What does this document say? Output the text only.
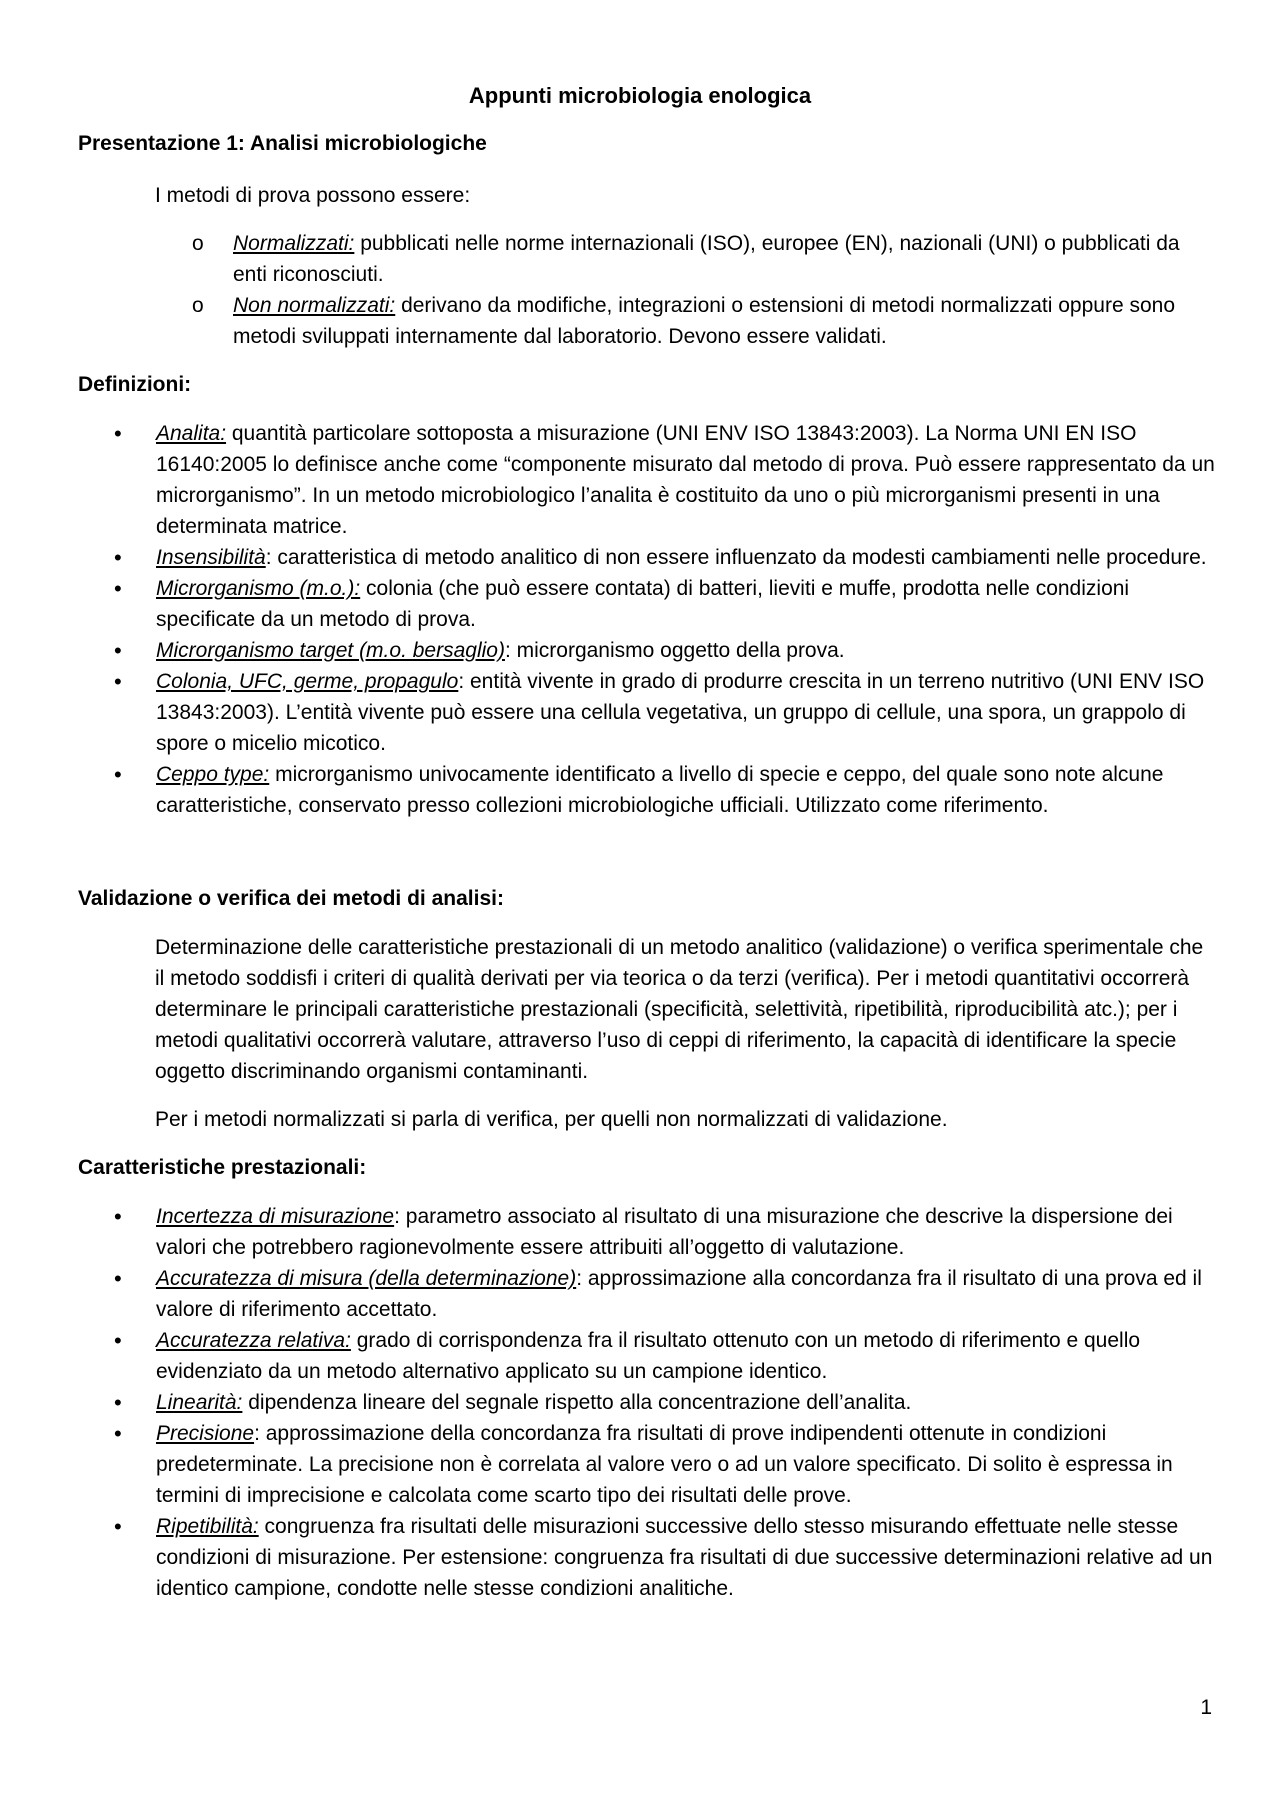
Appunti microbiologia enologica
Presentazione 1: Analisi microbiologiche
I metodi di prova possono essere:
o Normalizzati: pubblicati nelle norme internazionali (ISO), europee (EN), nazionali (UNI) o pubblicati da enti riconosciuti.
o Non normalizzati: derivano da modifiche, integrazioni o estensioni di metodi normalizzati oppure sono metodi sviluppati internamente dal laboratorio. Devono essere validati.
Definizioni:
• Analita: quantità particolare sottoposta a misurazione (UNI ENV ISO 13843:2003). La Norma UNI EN ISO 16140:2005 lo definisce anche come “componente misurato dal metodo di prova. Può essere rappresentato da un microrganismo”. In un metodo microbiologico l’analita è costituito da uno o più microrganismi presenti in una determinata matrice.
• Insensibilità: caratteristica di metodo analitico di non essere influenzato da modesti cambiamenti nelle procedure.
• Microrganismo (m.o.): colonia (che può essere contata) di batteri, lieviti e muffe, prodotta nelle condizioni specificate da un metodo di prova.
• Microrganismo target (m.o. bersaglio): microrganismo oggetto della prova.
• Colonia, UFC, germe, propagulo: entità vivente in grado di produrre crescita in un terreno nutritivo (UNI ENV ISO 13843:2003). L’entità vivente può essere una cellula vegetativa, un gruppo di cellule, una spora, un grappolo di spore o micelio micotico.
• Ceppo type: microrganismo univocamente identificato a livello di specie e ceppo, del quale sono note alcune caratteristiche, conservato presso collezioni microbiologiche ufficiali. Utilizzato come riferimento.
Validazione o verifica dei metodi di analisi:
Determinazione delle caratteristiche prestazionali di un metodo analitico (validazione) o verifica sperimentale che il metodo soddisfi i criteri di qualità derivati per via teorica o da terzi (verifica). Per i metodi quantitativi occorrerà determinare le principali caratteristiche prestazionali (specificità, selettività, ripetibilità, riproducibilità atc.); per i metodi qualitativi occorrerà valutare, attraverso l’uso di ceppi di riferimento, la capacità di identificare la specie oggetto discriminando organismi contaminanti.
Per i metodi normalizzati si parla di verifica, per quelli non normalizzati di validazione.
Caratteristiche prestazionali:
• Incertezza di misurazione: parametro associato al risultato di una misurazione che descrive la dispersione dei valori che potrebbero ragionevolmente essere attribuiti all’oggetto di valutazione.
• Accuratezza di misura (della determinazione): approssimazione alla concordanza fra il risultato di una prova ed il valore di riferimento accettato.
• Accuratezza relativa: grado di corrispondenza fra il risultato ottenuto con un metodo di riferimento e quello evidenziato da un metodo alternativo applicato su un campione identico.
• Linearità: dipendenza lineare del segnale rispetto alla concentrazione dell’analita.
• Precisione: approssimazione della concordanza fra risultati di prove indipendenti ottenute in condizioni predeterminate. La precisione non è correlata al valore vero o ad un valore specificato. Di solito è espressa in termini di imprecisione e calcolata come scarto tipo dei risultati delle prove.
• Ripetibilità: congruenza fra risultati delle misurazioni successive dello stesso misurando effettuate nelle stesse condizioni di misurazione. Per estensione: congruenza fra risultati di due successive determinazioni relative ad un identico campione, condotte nelle stesse condizioni analitiche.
1
